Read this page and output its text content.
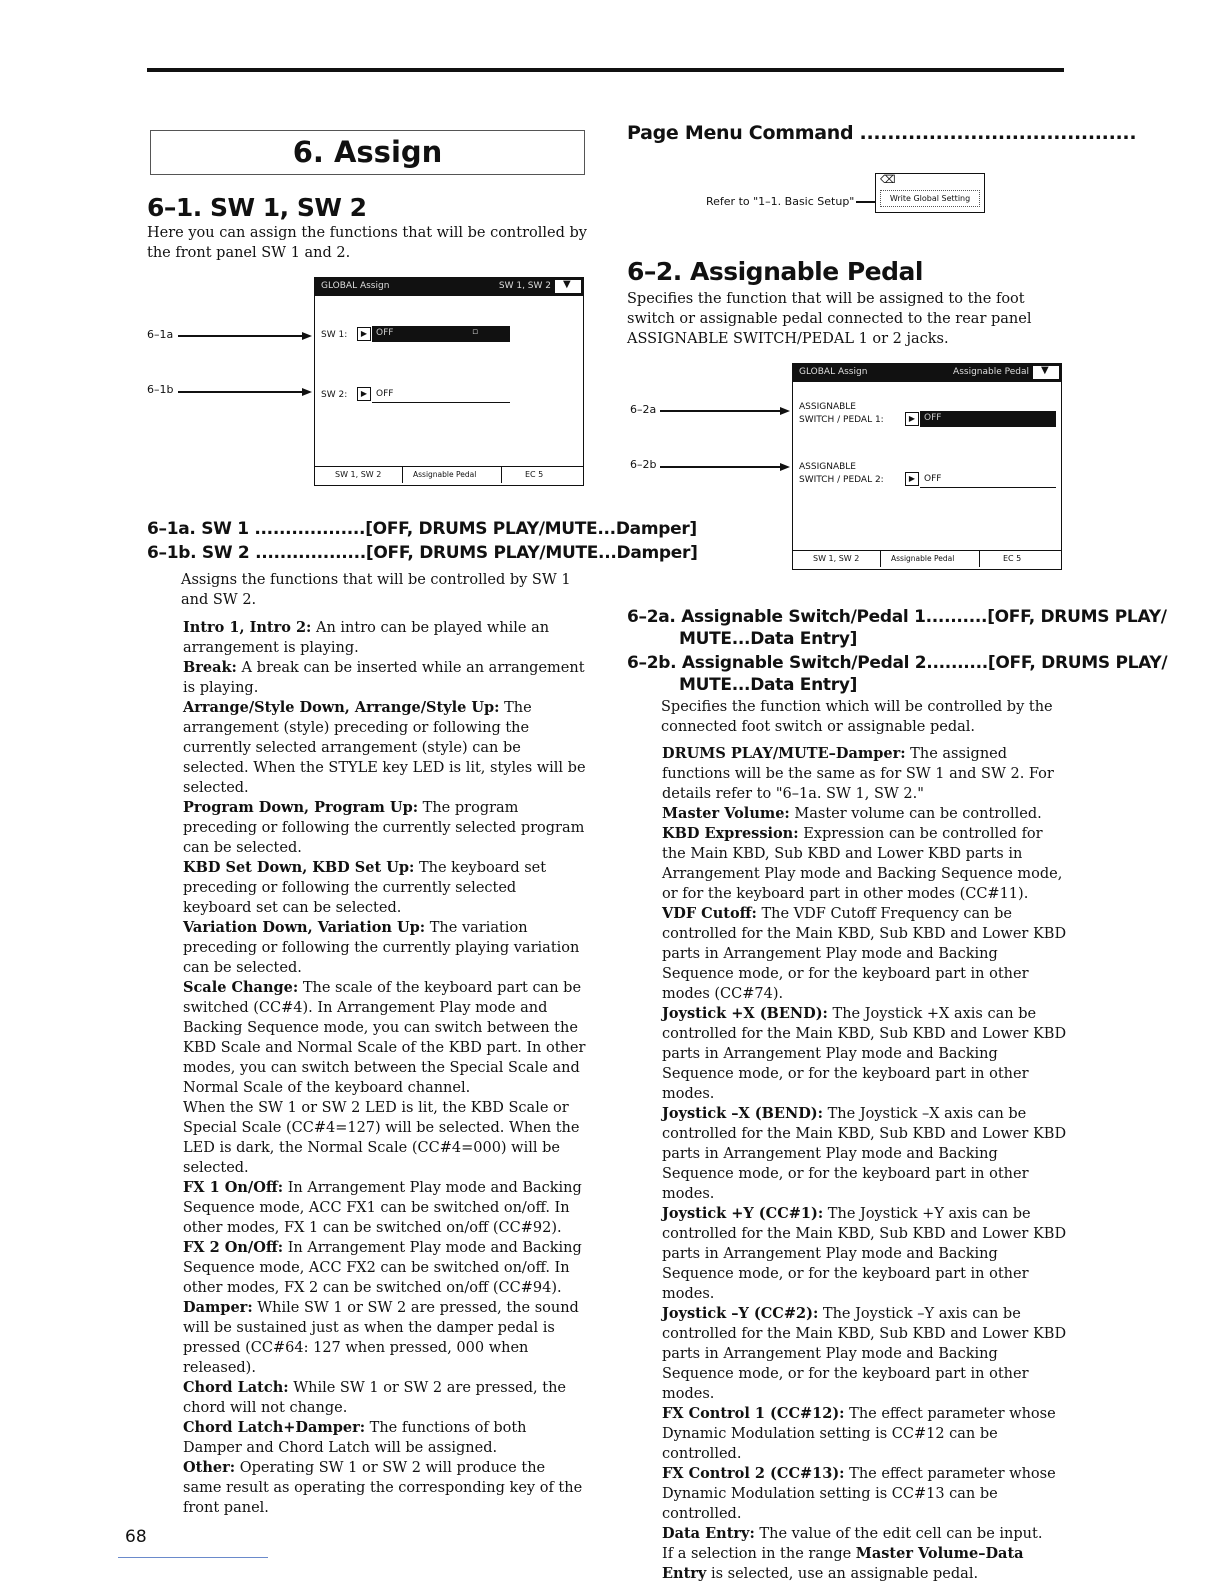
6. Assign
6–1. SW 1, SW 2
Here you can assign the functions that will be controlled by the front panel SW 1 and 2.
GLOBAL Assign	SW 1, SW 2 ▼
SW 1:	▶ OFF	▫
SW 2:	▶ OFF
SW 1, SW 2	Assignable Pedal	EC 5
6–1a
6–1b
6–1a. SW 1 ..................[OFF, DRUMS PLAY/MUTE...Damper]
6–1b. SW 2 ..................[OFF, DRUMS PLAY/MUTE...Damper]
Assigns the functions that will be controlled by SW 1 and SW 2.
Intro 1, Intro 2: An intro can be played while an arrangement is playing.
Break: A break can be inserted while an arrangement is playing.
Arrange/Style Down, Arrange/Style Up: The arrangement (style) preceding or following the currently selected arrangement (style) can be selected. When the STYLE key LED is lit, styles will be selected.
Program Down, Program Up: The program preceding or following the currently selected program can be selected.
KBD Set Down, KBD Set Up: The keyboard set preceding or following the currently selected keyboard set can be selected.
Variation Down, Variation Up: The variation preceding or following the currently playing variation can be selected.
Scale Change: The scale of the keyboard part can be switched (CC#4). In Arrangement Play mode and Backing Sequence mode, you can switch between the KBD Scale and Normal Scale of the KBD part. In other modes, you can switch between the Special Scale and Normal Scale of the keyboard channel.
When the SW 1 or SW 2 LED is lit, the KBD Scale or Special Scale (CC#4=127) will be selected. When the LED is dark, the Normal Scale (CC#4=000) will be selected.
FX 1 On/Off: In Arrangement Play mode and Backing Sequence mode, ACC FX1 can be switched on/off. In other modes, FX 1 can be switched on/off (CC#92).
FX 2 On/Off: In Arrangement Play mode and Backing Sequence mode, ACC FX2 can be switched on/off. In other modes, FX 2 can be switched on/off (CC#94).
Damper: While SW 1 or SW 2 are pressed, the sound will be sustained just as when the damper pedal is pressed (CC#64: 127 when pressed, 000 when released).
Chord Latch: While SW 1 or SW 2 are pressed, the chord will not change.
Chord Latch+Damper: The functions of both Damper and Chord Latch will be assigned.
Other: Operating SW 1 or SW 2 will produce the same result as operating the corresponding key of the front panel.
Page Menu Command ........................................
Refer to "1–1. Basic Setup"
⌫
Write Global Setting
6–2. Assignable Pedal
Specifies the function that will be assigned to the foot switch or assignable pedal connected to the rear panel ASSIGNABLE SWITCH/PEDAL 1 or 2 jacks.
GLOBAL Assign	Assignable Pedal ▼
ASSIGNABLE
SWITCH / PEDAL 1:	▶ OFF
ASSIGNABLE
SWITCH / PEDAL 2:	▶ OFF
SW 1, SW 2	Assignable Pedal	EC 5
6–2a
6–2b
6–2a. Assignable Switch/Pedal 1..........[OFF, DRUMS PLAY/
MUTE...Data Entry]
6–2b. Assignable Switch/Pedal 2..........[OFF, DRUMS PLAY/
MUTE...Data Entry]
Specifies the function which will be controlled by the connected foot switch or assignable pedal.
DRUMS PLAY/MUTE–Damper: The assigned functions will be the same as for SW 1 and SW 2. For details refer to "6–1a. SW 1, SW 2."
Master Volume: Master volume can be controlled.
KBD Expression: Expression can be controlled for the Main KBD, Sub KBD and Lower KBD parts in Arrangement Play mode and Backing Sequence mode, or for the keyboard part in other modes (CC#11).
VDF Cutoff: The VDF Cutoff Frequency can be controlled for the Main KBD, Sub KBD and Lower KBD parts in Arrangement Play mode and Backing Sequence mode, or for the keyboard part in other modes (CC#74).
Joystick +X (BEND): The Joystick +X axis can be controlled for the Main KBD, Sub KBD and Lower KBD parts in Arrangement Play mode and Backing Sequence mode, or for the keyboard part in other modes.
Joystick –X (BEND): The Joystick –X axis can be controlled for the Main KBD, Sub KBD and Lower KBD parts in Arrangement Play mode and Backing Sequence mode, or for the keyboard part in other modes.
Joystick +Y (CC#1): The Joystick +Y axis can be controlled for the Main KBD, Sub KBD and Lower KBD parts in Arrangement Play mode and Backing Sequence mode, or for the keyboard part in other modes.
Joystick –Y (CC#2): The Joystick –Y axis can be controlled for the Main KBD, Sub KBD and Lower KBD parts in Arrangement Play mode and Backing Sequence mode, or for the keyboard part in other modes.
FX Control 1 (CC#12): The effect parameter whose Dynamic Modulation setting is CC#12 can be controlled.
FX Control 2 (CC#13): The effect parameter whose Dynamic Modulation setting is CC#13 can be controlled.
Data Entry: The value of the edit cell can be input.
If a selection in the range Master Volume–Data Entry is selected, use an assignable pedal.
68
